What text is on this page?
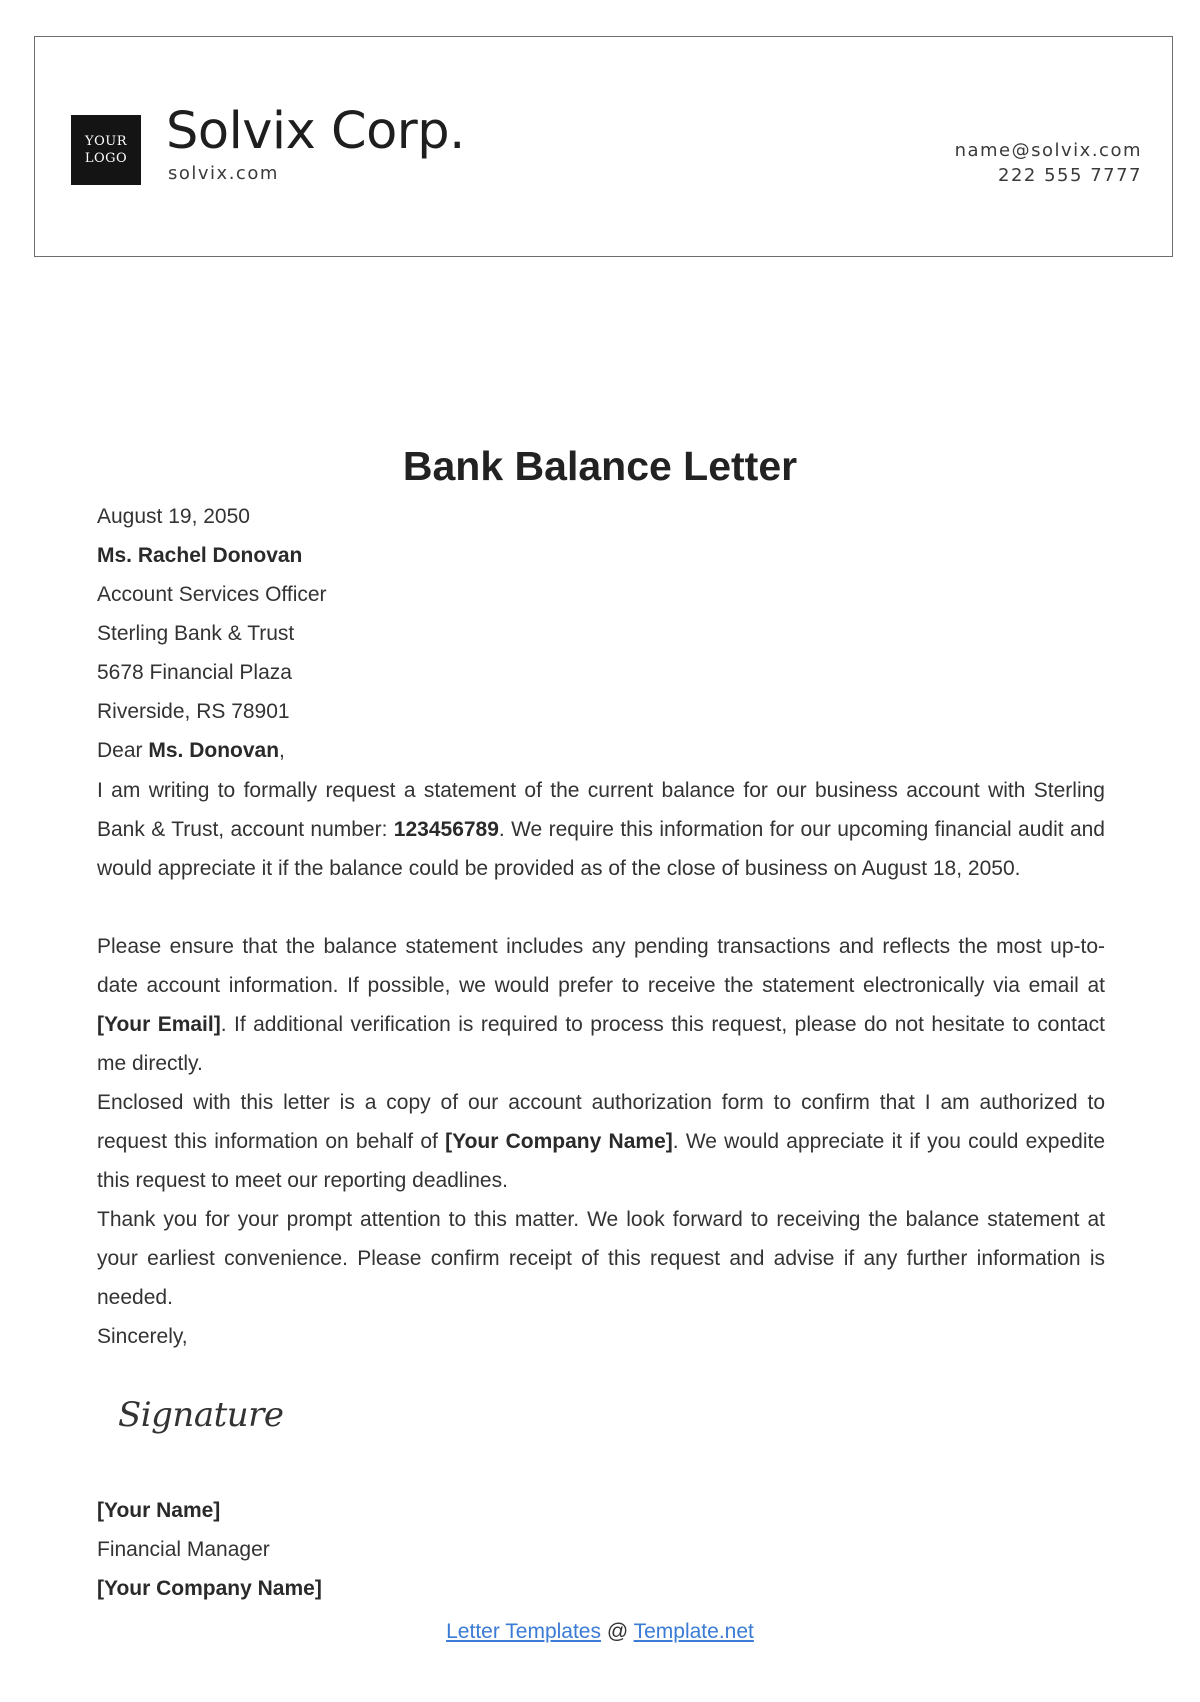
YOUR
LOGO Solvix Corp.
solvix.com
name@solvix.com
222 555 7777
Bank Balance Letter
August 19, 2050
Ms. Rachel Donovan
Account Services Officer
Sterling Bank & Trust
5678 Financial Plaza
Riverside, RS 78901
Dear Ms. Donovan,

I am writing to formally request a statement of the current balance for our business account with Sterling Bank & Trust, account number: 123456789. We require this information for our upcoming financial audit and would appreciate it if the balance could be provided as of the close of business on August 18, 2050.

Please ensure that the balance statement includes any pending transactions and reflects the most up-to-date account information. If possible, we would prefer to receive the statement electronically via email at [Your Email]. If additional verification is required to process this request, please do not hesitate to contact me directly.

Enclosed with this letter is a copy of our account authorization form to confirm that I am authorized to request this information on behalf of [Your Company Name]. We would appreciate it if you could expedite this request to meet our reporting deadlines.

Thank you for your prompt attention to this matter. We look forward to receiving the balance statement at your earliest convenience. Please confirm receipt of this request and advise if any further information is needed.

Sincerely,
Signature
[Your Name]
Financial Manager
[Your Company Name]
Letter Templates @ Template.net
